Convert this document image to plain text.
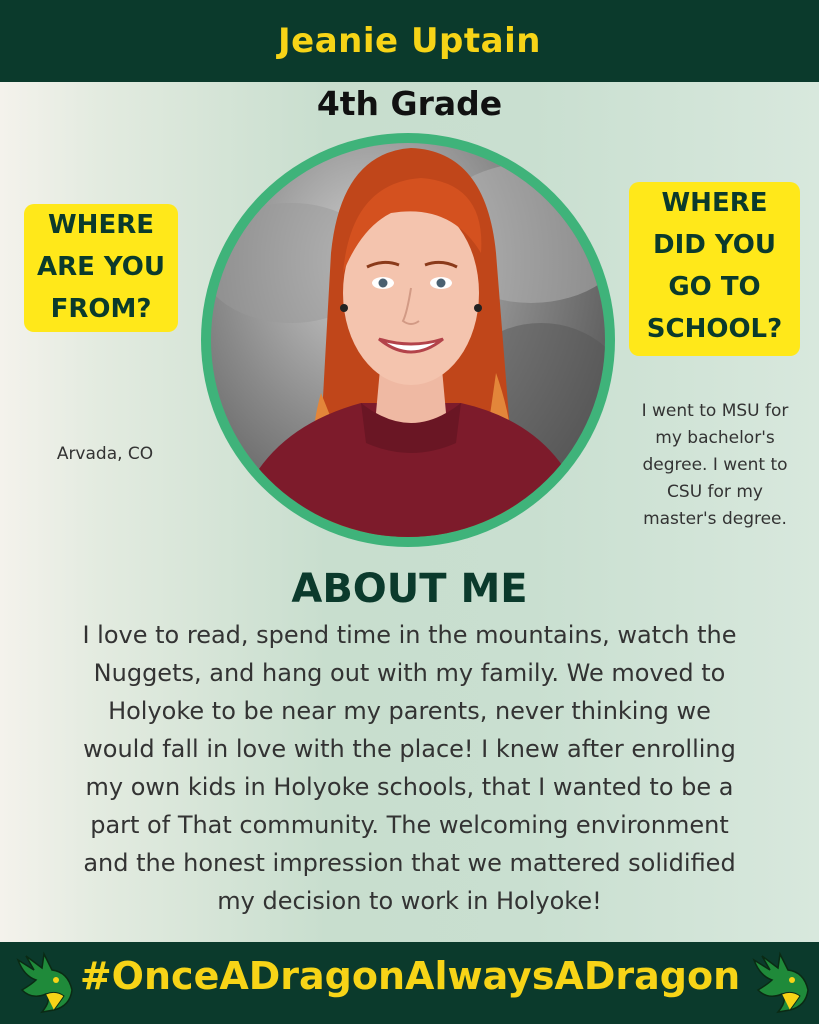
Jeanie Uptain
4th Grade
WHERE
ARE YOU
FROM?
Arvada, CO
WHERE
DID YOU
GO TO
SCHOOL?
I went to MSU for
my bachelor's
degree. I went to
CSU for my
master's degree.
ABOUT ME
I love to read, spend time in the mountains, watch the
Nuggets, and hang out with my family. We moved to
Holyoke to be near my parents, never thinking we
would fall in love with the place! I knew after enrolling
my own kids in Holyoke schools, that I wanted to be a
part of That community. The welcoming environment
and the honest impression that we mattered solidified
my decision to work in Holyoke!
#OnceADragonAlwaysADragon
